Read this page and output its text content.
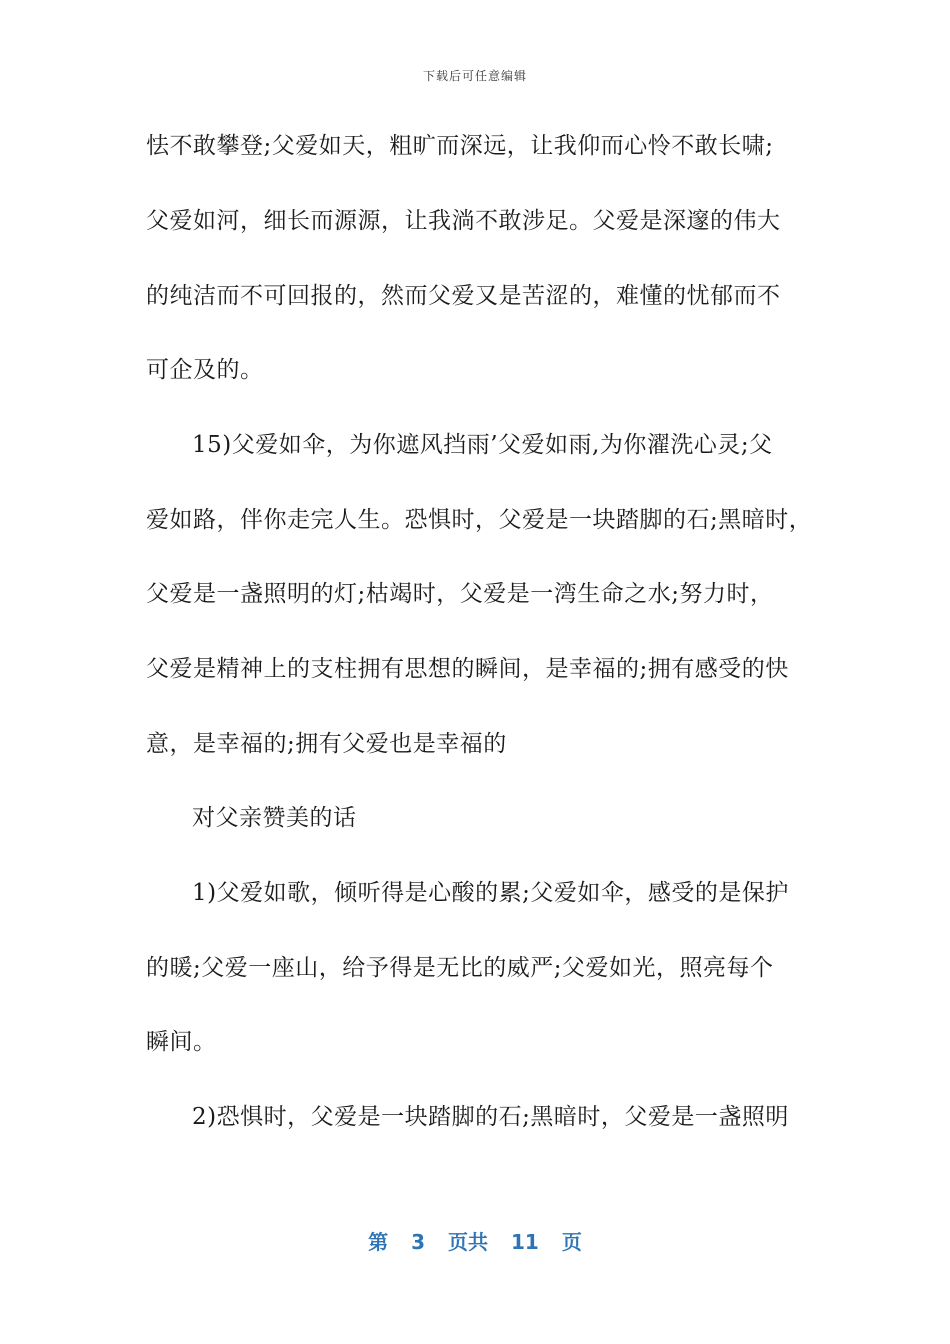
下载后可任意编辑
怯不敢攀登;父爱如天，粗旷而深远，让我仰而心怜不敢长啸;
父爱如河，细长而源源，让我淌不敢涉足。父爱是深邃的伟大
的纯洁而不可回报的，然而父爱又是苦涩的，难懂的忧郁而不
可企及的。
15)父爱如伞，为你遮风挡雨’父爱如雨,为你濯洗心灵;父
爱如路，伴你走完人生。恐惧时，父爱是一块踏脚的石;黑暗时，
父爱是一盏照明的灯;枯竭时，父爱是一湾生命之水;努力时，
父爱是精神上的支柱拥有思想的瞬间，是幸福的;拥有感受的快
意，是幸福的;拥有父爱也是幸福的
对父亲赞美的话
1)父爱如歌，倾听得是心酸的累;父爱如伞，感受的是保护
的暖;父爱一座山，给予得是无比的威严;父爱如光，照亮每个
瞬间。
2)恐惧时，父爱是一块踏脚的石;黑暗时，父爱是一盏照明
第 3 页共 11 页
